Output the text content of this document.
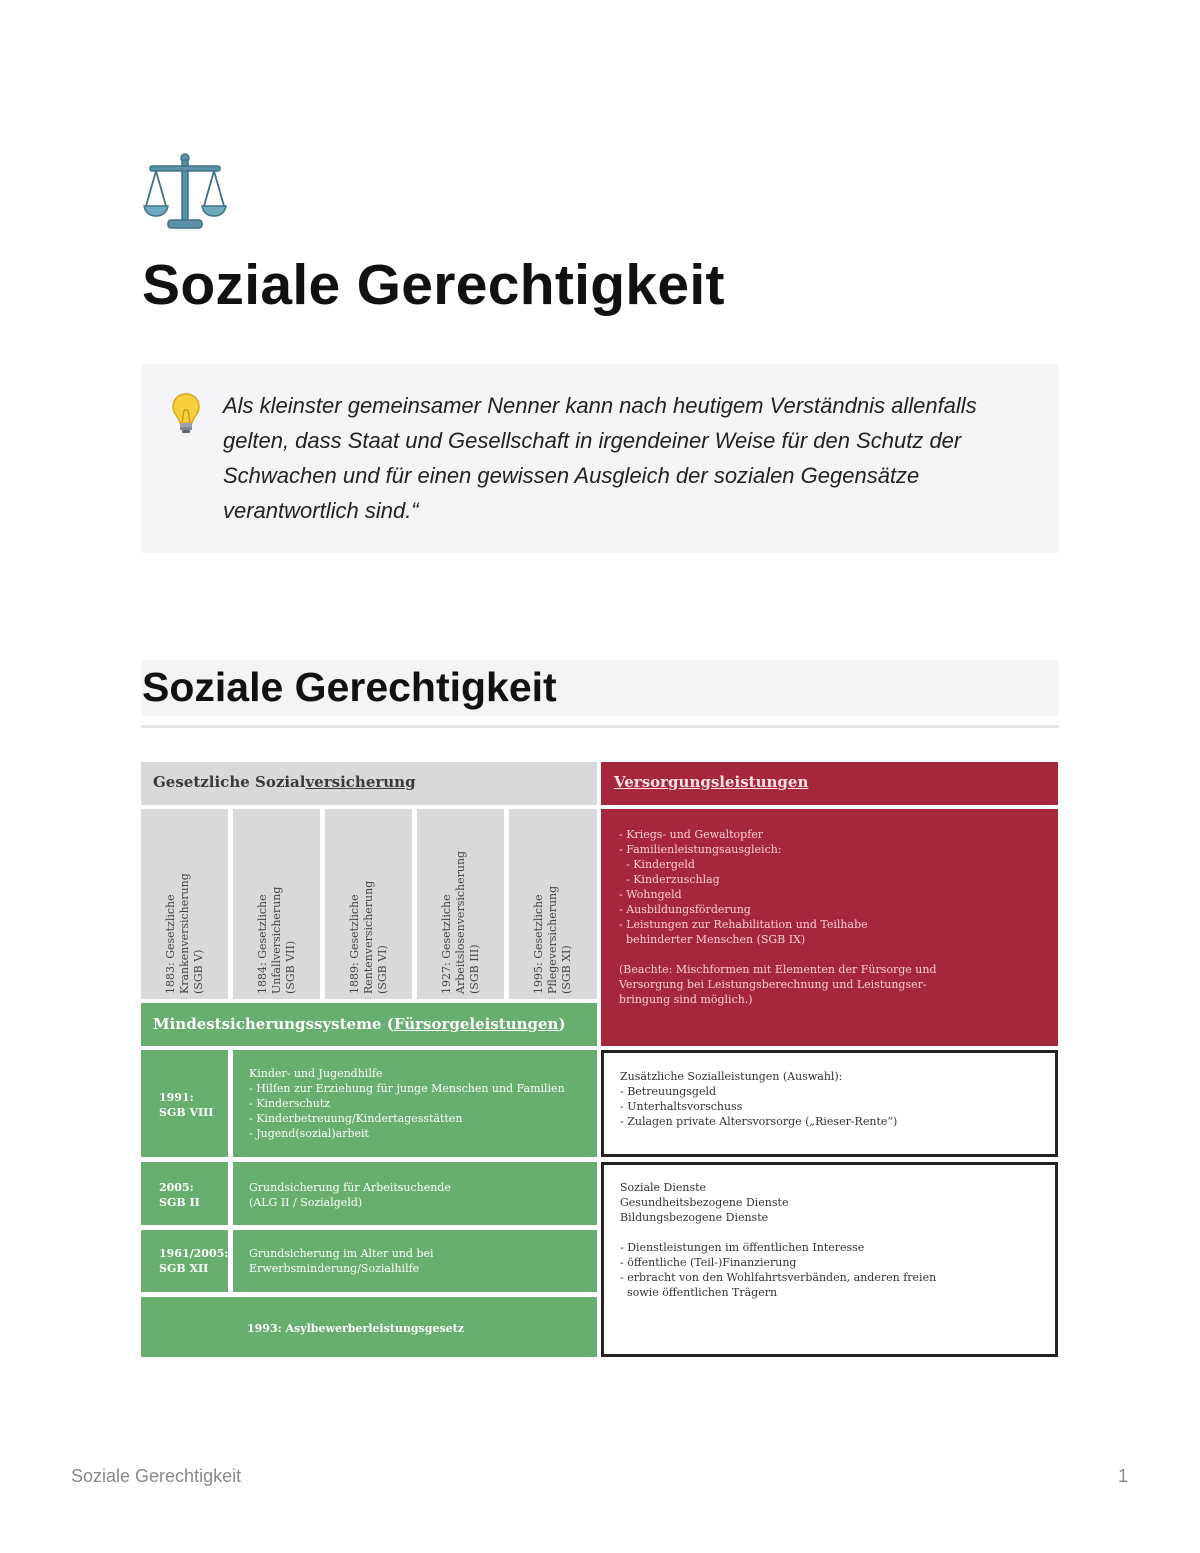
Soziale Gerechtigkeit
Als kleinster gemeinsamer Nenner kann nach heutigem Verständnis allenfalls gelten, dass Staat und Gesellschaft in irgendeiner Weise für den Schutz der Schwachen und für einen gewissen Ausgleich der sozialen Gegensätze verantwortlich sind.“
Soziale Gerechtigkeit
Gesetzliche Sozialversicherung
1883: Gesetzliche
Krankenversicherung
(SGB V)
1884: Gesetzliche
Unfallversicherung
(SGB VII)
1889: Gesetzliche
Rentenversicherung
(SGB VI)
1927: Gesetzliche
Arbeitslosenversicherung
(SGB III)
1995: Gesetzliche
Pflegeversicherung
(SGB XI)
Mindestsicherungssysteme (Fürsorgeleistungen)
1991:
SGB VIII
Kinder- und Jugendhilfe
- Hilfen zur Erziehung für junge Menschen und Familien
- Kinderschutz
- Kinderbetreuung/Kindertagesstätten
- Jugend(sozial)arbeit
2005:
SGB II
Grundsicherung für Arbeitsuchende
(ALG II / Sozialgeld)
1961/2005:
SGB XII
Grundsicherung im Alter und bei
Erwerbsminderung/Sozialhilfe
1993: Asylbewerberleistungsgesetz
Versorgungsleistungen
- Kriegs- und Gewaltopfer
- Familienleistungsausgleich:
- Kindergeld
- Kinderzuschlag
- Wohngeld
- Ausbildungsförderung
- Leistungen zur Rehabilitation und Teilhabe
behinderter Menschen (SGB IX)

(Beachte: Mischformen mit Elementen der Fürsorge und
Versorgung bei Leistungsberechnung und Leistungser-
bringung sind möglich.)
Zusätzliche Sozialleistungen (Auswahl):
- Betreuungsgeld
- Unterhaltsvorschuss
- Zulagen private Altersvorsorge („Rieser-Rente“)
Soziale Dienste
Gesundheitsbezogene Dienste
Bildungsbezogene Dienste

- Dienstleistungen im öffentlichen Interesse
- öffentliche (Teil-)Finanzierung
- erbracht von den Wohlfahrtsverbänden, anderen freien
sowie öffentlichen Trägern
Soziale Gerechtigkeit	1
